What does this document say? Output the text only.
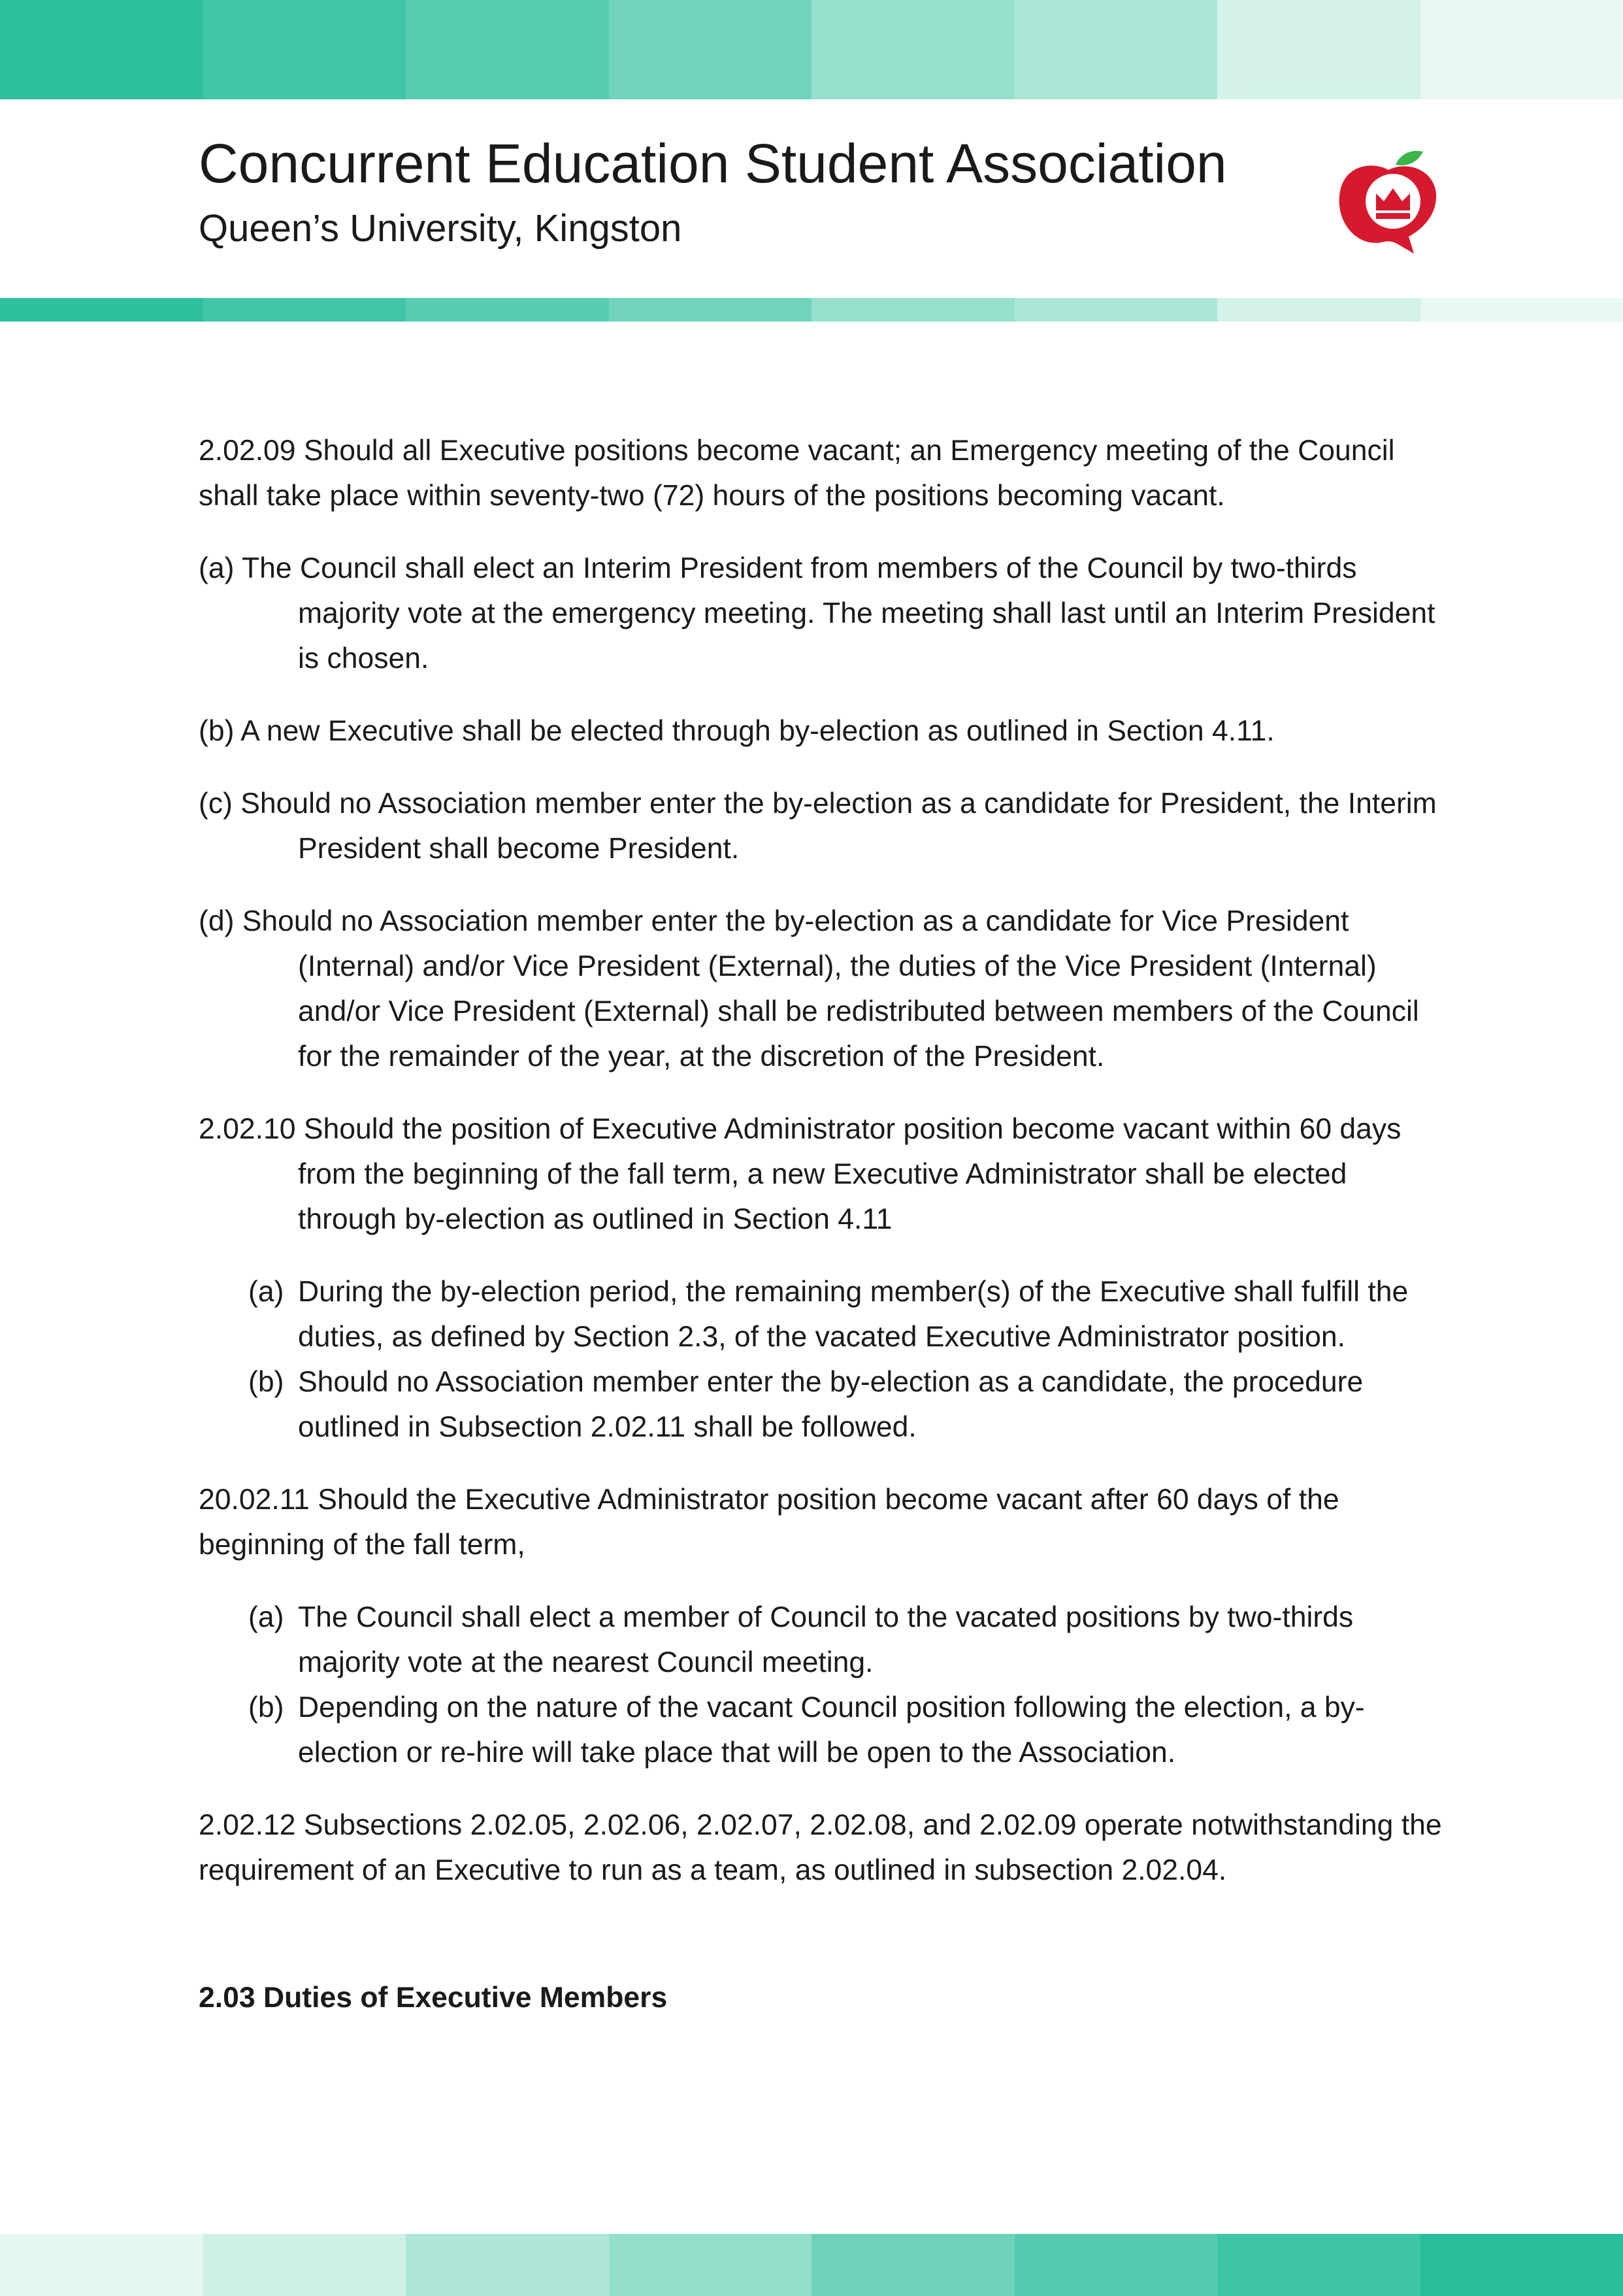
Concurrent Education Student Association
Queen’s University, Kingston

2.02.09 Should all Executive positions become vacant; an Emergency meeting of the Council shall take place within seventy-two (72) hours of the positions becoming vacant.

(a) The Council shall elect an Interim President from members of the Council by two-thirds majority vote at the emergency meeting. The meeting shall last until an Interim President is chosen.

(b) A new Executive shall be elected through by-election as outlined in Section 4.11.

(c) Should no Association member enter the by-election as a candidate for President, the Interim President shall become President.

(d) Should no Association member enter the by-election as a candidate for Vice President (Internal) and/or Vice President (External), the duties of the Vice President (Internal) and/or Vice President (External) shall be redistributed between members of the Council for the remainder of the year, at the discretion of the President.

2.02.10 Should the position of Executive Administrator position become vacant within 60 days from the beginning of the fall term, a new Executive Administrator shall be elected through by-election as outlined in Section 4.11

(a) During the by-election period, the remaining member(s) of the Executive shall fulfill the duties, as defined by Section 2.3, of the vacated Executive Administrator position.
(b) Should no Association member enter the by-election as a candidate, the procedure outlined in Subsection 2.02.11 shall be followed.

20.02.11 Should the Executive Administrator position become vacant after 60 days of the beginning of the fall term,

(a) The Council shall elect a member of Council to the vacated positions by two-thirds majority vote at the nearest Council meeting.
(b) Depending on the nature of the vacant Council position following the election, a by-election or re-hire will take place that will be open to the Association.

2.02.12 Subsections 2.02.05, 2.02.06, 2.02.07, 2.02.08, and 2.02.09 operate notwithstanding the requirement of an Executive to run as a team, as outlined in subsection 2.02.04.

2.03 Duties of Executive Members
